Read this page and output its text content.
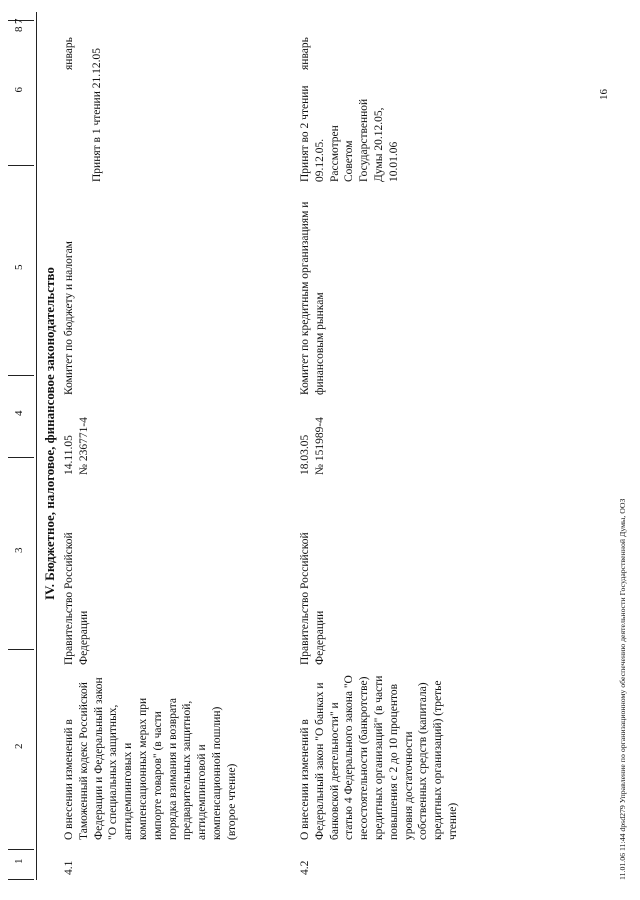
1
2
3
4
5
6
7
8
IV. Бюджетное, налоговое, финансовое законодательство
4.1
О внесении изменений в Таможенный кодекс Российской Федерации и Федеральный закон "О специальных защитных, антидемпинговых и компенсационных мерах при импорте товаров" (в части порядка взимания и возврата предварительных защитной, антидемпинговой и компенсационной пошлин) (второе чтение)
Правительство Российской Федерации
14.11.05
№ 236771-4
Комитет по бюджету и налогам
Принят в 1 чтении 21.12.05
январь
4.2
О внесении изменений в Федеральный закон "О банках и банковской деятельности" и статью 4 Федерального закона "О несостоятельности (банкротстве) кредитных организаций" (в части повышения с 2 до 10 процентов уровня достаточности собственных средств (капитала) кредитных организаций) (третье чтение)
Правительство Российской Федерации
18.03.05
№ 151989-4
Комитет по кредитным организациям и финансовым рынкам
Принят во 2 чтении 09.12.05. Рассмотрен Советом Государственной Думы 20.12.05, 10.01.06
январь
16
11.01.06 11:44 dpsd279 Управление по организационному обеспечению деятельности Государственной Думы, ООЗ
